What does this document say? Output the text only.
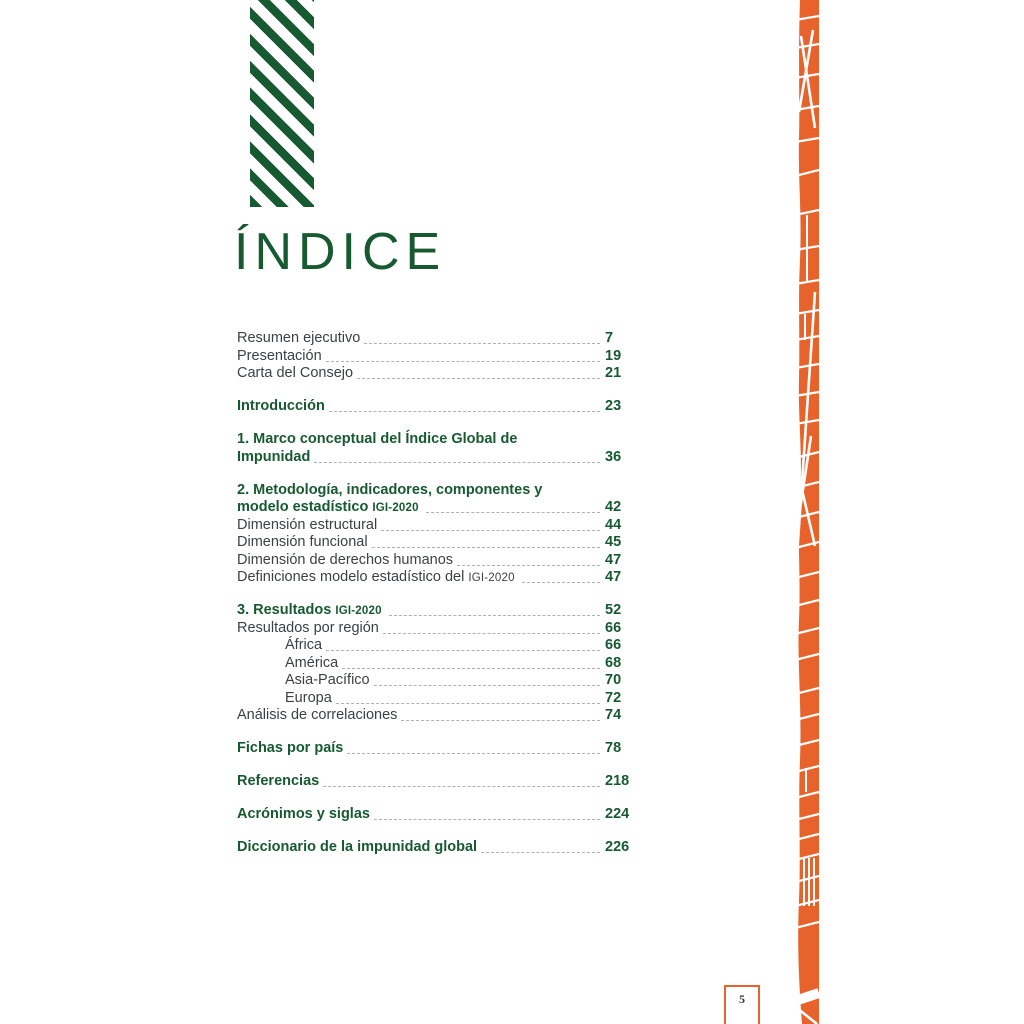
ÍNDICE
Resumen ejecutivo	7
Presentación	19
Carta del Consejo	21
Introducción	23
1. Marco conceptual del Índice Global de
Impunidad	36
2. Metodología, indicadores, componentes y
modelo estadístico IGI-2020	42
Dimensión estructural	44
Dimensión funcional	45
Dimensión de derechos humanos	47
Definiciones modelo estadístico del IGI-2020	47
3. Resultados IGI-2020	52
Resultados por región	66
África	66
América	68
Asia-Pacífico	70
Europa	72
Análisis de correlaciones	74
Fichas por país	78
Referencias	218
Acrónimos y siglas	224
Diccionario de la impunidad global	226
5
